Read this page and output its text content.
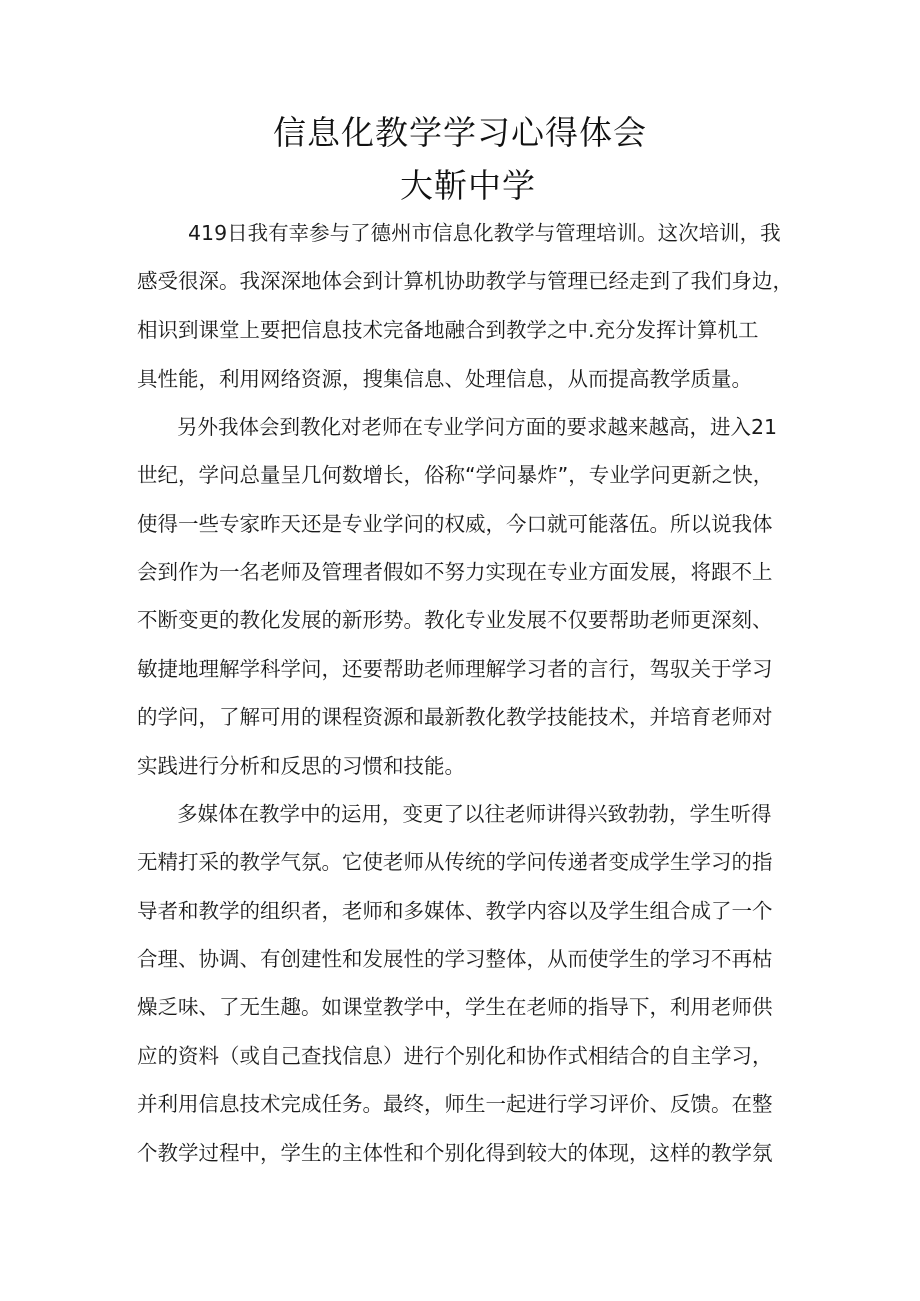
信息化教学学习心得体会
大靳中学
419日我有幸参与了德州市信息化教学与管理培训。这次培训，我
感受很深。我深深地体会到计算机协助教学与管理已经走到了我们身边，
相识到课堂上要把信息技术完备地融合到教学之中.充分发挥计算机工
具性能，利用网络资源，搜集信息、处理信息，从而提高教学质量。
另外我体会到教化对老师在专业学问方面的要求越来越高，进入21
世纪，学问总量呈几何数增长，俗称“学问暴炸”，专业学问更新之快，
使得一些专家昨天还是专业学问的权威，今口就可能落伍。所以说我体
会到作为一名老师及管理者假如不努力实现在专业方面发展，将跟不上
不断变更的教化发展的新形势。教化专业发展不仅要帮助老师更深刻、
敏捷地理解学科学问，还要帮助老师理解学习者的言行，驾驭关于学习
的学问，了解可用的课程资源和最新教化教学技能技术，并培育老师对
实践进行分析和反思的习惯和技能。
多媒体在教学中的运用，变更了以往老师讲得兴致勃勃，学生听得
无精打采的教学气氛。它使老师从传统的学问传递者变成学生学习的指
导者和教学的组织者，老师和多媒体、教学内容以及学生组合成了一个
合理、协调、有创建性和发展性的学习整体，从而使学生的学习不再枯
燥乏味、了无生趣。如课堂教学中，学生在老师的指导下，利用老师供
应的资料（或自己查找信息）进行个别化和协作式相结合的自主学习，
并利用信息技术完成任务。最终，师生一起进行学习评价、反馈。在整
个教学过程中，学生的主体性和个别化得到较大的体现，这样的教学氛
